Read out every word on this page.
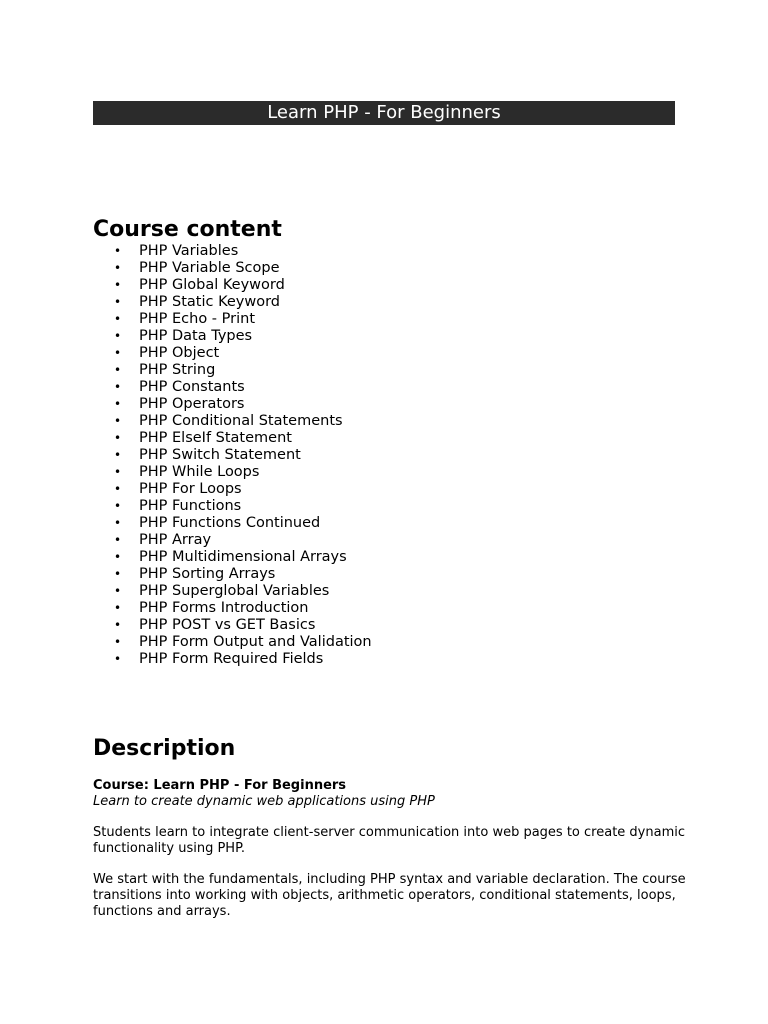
Learn PHP - For Beginners
Course content
• PHP Variables
• PHP Variable Scope
• PHP Global Keyword
• PHP Static Keyword
• PHP Echo - Print
• PHP Data Types
• PHP Object
• PHP String
• PHP Constants
• PHP Operators
• PHP Conditional Statements
• PHP ElseIf Statement
• PHP Switch Statement
• PHP While Loops
• PHP For Loops
• PHP Functions
• PHP Functions Continued
• PHP Array
• PHP Multidimensional Arrays
• PHP Sorting Arrays
• PHP Superglobal Variables
• PHP Forms Introduction
• PHP POST vs GET Basics
• PHP Form Output and Validation
• PHP Form Required Fields
Description

Course: Learn PHP - For Beginners

Learn to create dynamic web applications using PHP

Students learn to integrate client-server communication into web pages to create dynamic functionality using PHP.

We start with the fundamentals, including PHP syntax and variable declaration. The course transitions into working with objects, arithmetic operators, conditional statements, loops, functions and arrays.
